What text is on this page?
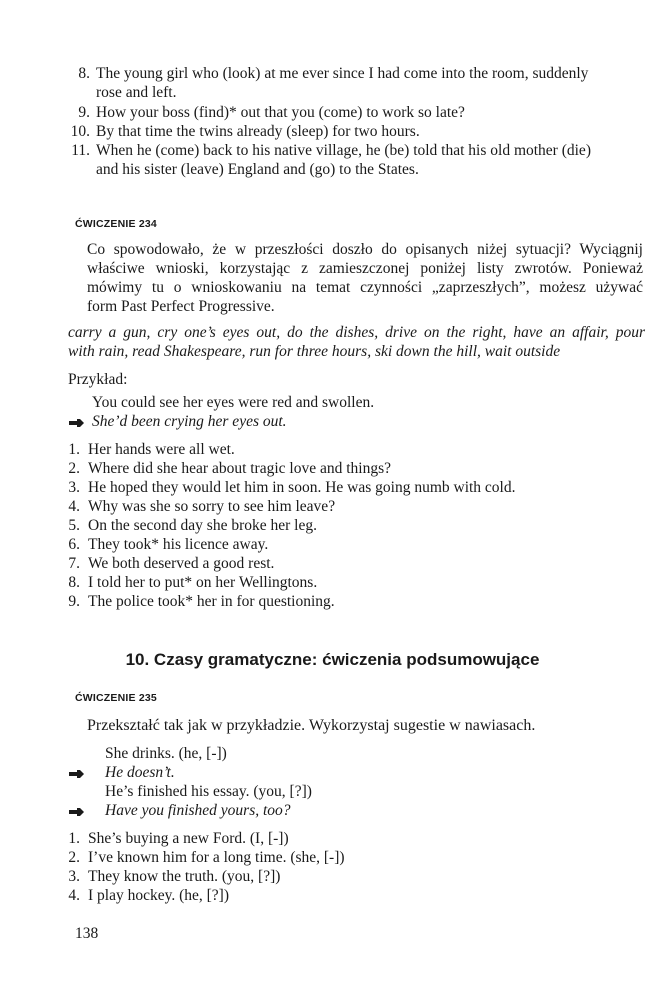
8. The young girl who (look) at me ever since I had come into the room, suddenly
rose and left.
9. How your boss (find)* out that you (come) to work so late?
10. By that time the twins already (sleep) for two hours.
11. When he (come) back to his native village, he (be) told that his old mother (die)
and his sister (leave) England and (go) to the States.
ĆWICZENIE 234
Co spowodowało, że w przeszłości doszło do opisanych niżej sytuacji? Wyciągnij
właściwe wnioski, korzystając z zamieszczonej poniżej listy zwrotów. Ponieważ
mówimy tu o wnioskowaniu na temat czynności „zaprzeszłych”, możesz używać
form Past Perfect Progressive.
carry a gun, cry one’s eyes out, do the dishes, drive on the right, have an affair, pour
with rain, read Shakespeare, run for three hours, ski down the hill, wait outside
Przykład:
You could see her eyes were red and swollen.
She’d been crying her eyes out.
1. Her hands were all wet.
2. Where did she hear about tragic love and things?
3. He hoped they would let him in soon. He was going numb with cold.
4. Why was she so sorry to see him leave?
5. On the second day she broke her leg.
6. They took* his licence away.
7. We both deserved a good rest.
8. I told her to put* on her Wellingtons.
9. The police took* her in for questioning.
10. Czasy gramatyczne: ćwiczenia podsumowujące
ĆWICZENIE 235
Przekształć tak jak w przykładzie. Wykorzystaj sugestie w nawiasach.
She drinks. (he, [-])
He doesn’t.
He’s finished his essay. (you, [?])
Have you finished yours, too?
1. She’s buying a new Ford. (I, [-])
2. I’ve known him for a long time. (she, [-])
3. They know the truth. (you, [?])
4. I play hockey. (he, [?])
138
